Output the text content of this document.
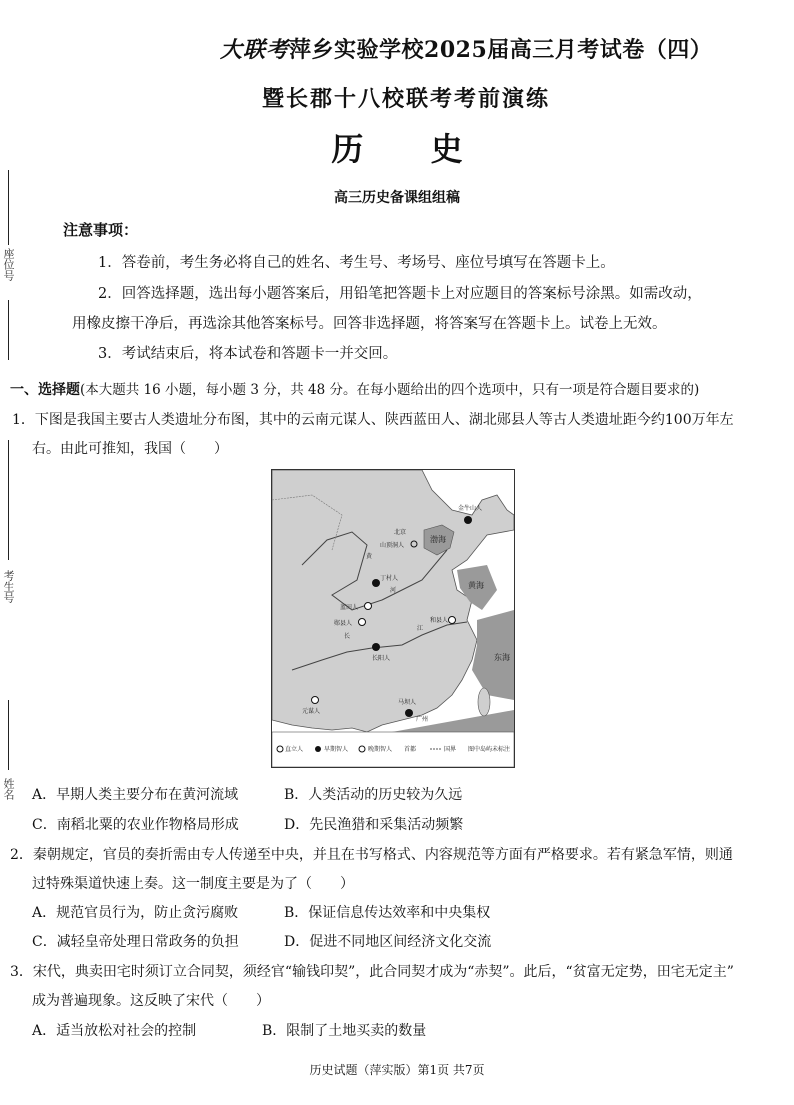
大联考萍乡实验学校2025届高三月考试卷（四）
暨长郡十八校联考考前演练
历 史
高三历史备课组组稿
座位号
考生号
姓名
注意事项：
1．答卷前，考生务必将自己的姓名、考生号、考场号、座位号填写在答题卡上。
2．回答选择题，选出每小题答案后，用铅笔把答题卡上对应题目的答案标号涂黑。如需改动，
用橡皮擦干净后，再选涂其他答案标号。回答非选择题，将答案写在答题卡上。试卷上无效。
3．考试结束后，将本试卷和答题卡一并交回。
一、选择题(本大题共 16 小题，每小题 3 分，共 48 分。在每小题给出的四个选项中，只有一项是符合题目要求的)
1．下图是我国主要古人类遗址分布图，其中的云南元谋人、陕西蓝田人、湖北郧县人等古人类遗址距今约100万年左
右。由此可推知，我国（　　）
金牛山人
北京
山顶洞人
丁村人
蓝田人
郧县人	和县人
长阳人
马坝人
元谋人
广州
渤海
黄海
东海
黄
河
长
江
直立人	早期智人	晚期智人 首都	国界 图中岛屿未标注
A．早期人类主要分布在黄河流域	B．人类活动的历史较为久远
C．南稻北粟的农业作物格局形成	D．先民渔猎和采集活动频繁
2．秦朝规定，官员的奏折需由专人传递至中央，并且在书写格式、内容规范等方面有严格要求。若有紧急军情，则通
过特殊渠道快速上奏。这一制度主要是为了（　　）
A．规范官员行为，防止贪污腐败	B．保证信息传达效率和中央集权
C．减轻皇帝处理日常政务的负担	D．促进不同地区间经济文化交流
3．宋代，典卖田宅时须订立合同契，须经官“输钱印契”，此合同契才成为“赤契”。此后，“贫富无定势，田宅无定主”
成为普遍现象。这反映了宋代（　　）
A．适当放松对社会的控制	B．限制了土地买卖的数量
历史试题（萍实版）第1页 共7页
